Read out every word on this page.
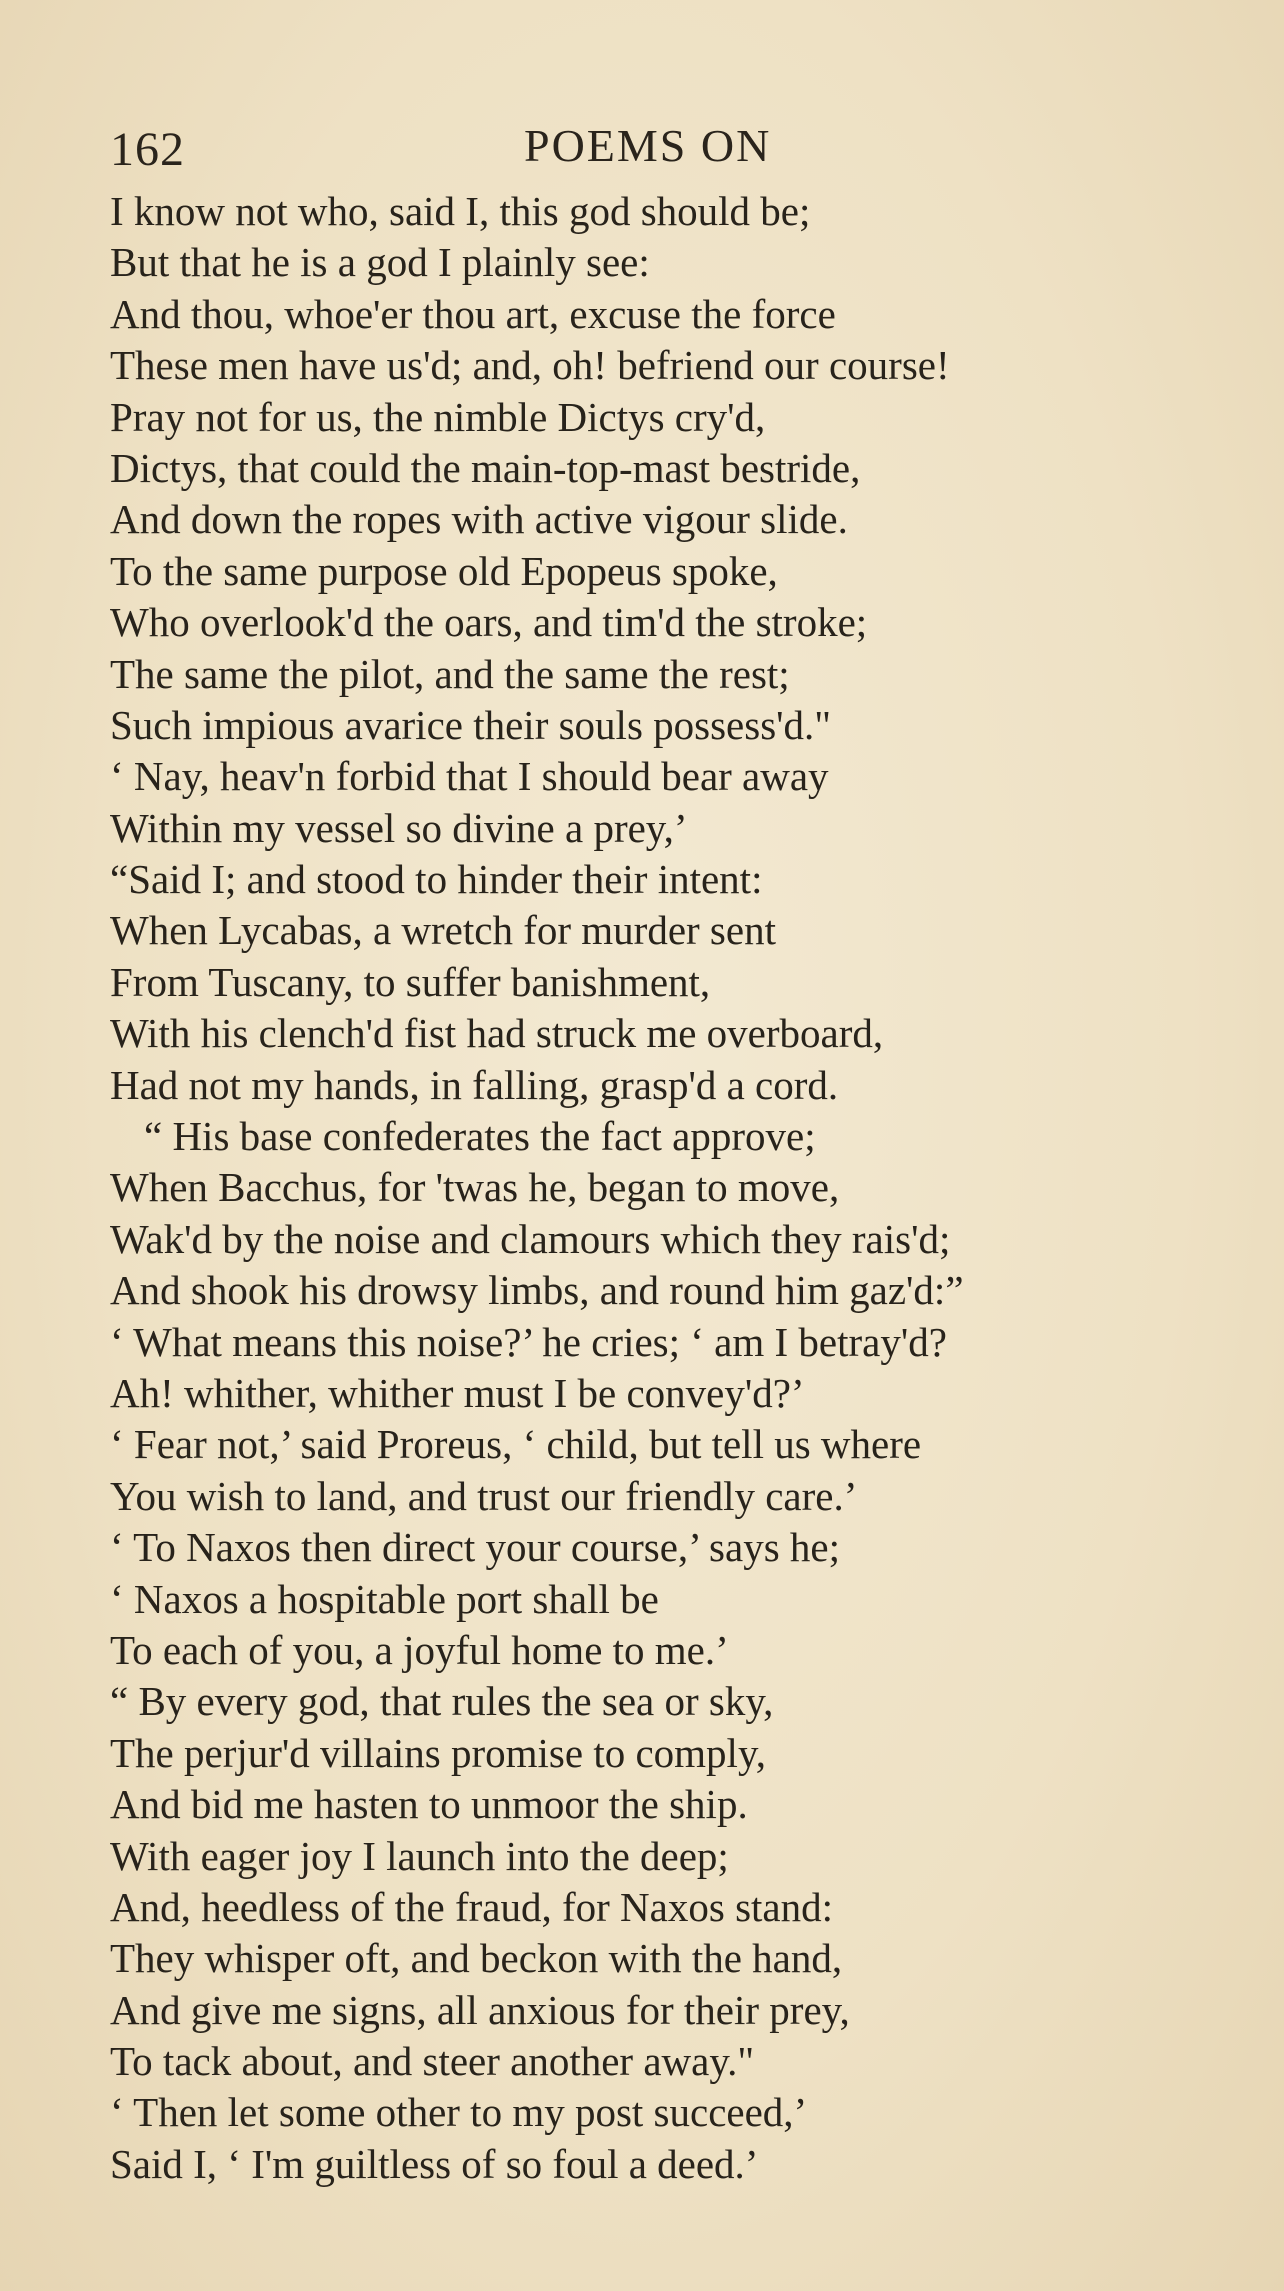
162	POEMS ON
I know not who, said I, this god should be;
But that he is a god I plainly see:
And thou, whoe'er thou art, excuse the force
These men have us'd; and, oh! befriend our course!
Pray not for us, the nimble Dictys cry'd,
Dictys, that could the main-top-mast bestride,
And down the ropes with active vigour slide.
To the same purpose old Epopeus spoke,
Who overlook'd the oars, and tim'd the stroke;
The same the pilot, and the same the rest;
Such impious avarice their souls possess'd."
‘ Nay, heav'n forbid that I should bear away
Within my vessel so divine a prey,’
“Said I; and stood to hinder their intent:
When Lycabas, a wretch for murder sent
From Tuscany, to suffer banishment,
With his clench'd fist had struck me overboard,
Had not my hands, in falling, grasp'd a cord.
“ His base confederates the fact approve;
When Bacchus, for 'twas he, began to move,
Wak'd by the noise and clamours which they rais'd;
And shook his drowsy limbs, and round him gaz'd:”
‘ What means this noise?’ he cries; ‘ am I betray'd?
Ah! whither, whither must I be convey'd?’
‘ Fear not,’ said Proreus, ‘ child, but tell us where
You wish to land, and trust our friendly care.’
‘ To Naxos then direct your course,’ says he;
‘ Naxos a hospitable port shall be
To each of you, a joyful home to me.’
“ By every god, that rules the sea or sky,
The perjur'd villains promise to comply,
And bid me hasten to unmoor the ship.
With eager joy I launch into the deep;
And, heedless of the fraud, for Naxos stand:
They whisper oft, and beckon with the hand,
And give me signs, all anxious for their prey,
To tack about, and steer another away."
‘ Then let some other to my post succeed,’
Said I, ‘ I'm guiltless of so foul a deed.’
